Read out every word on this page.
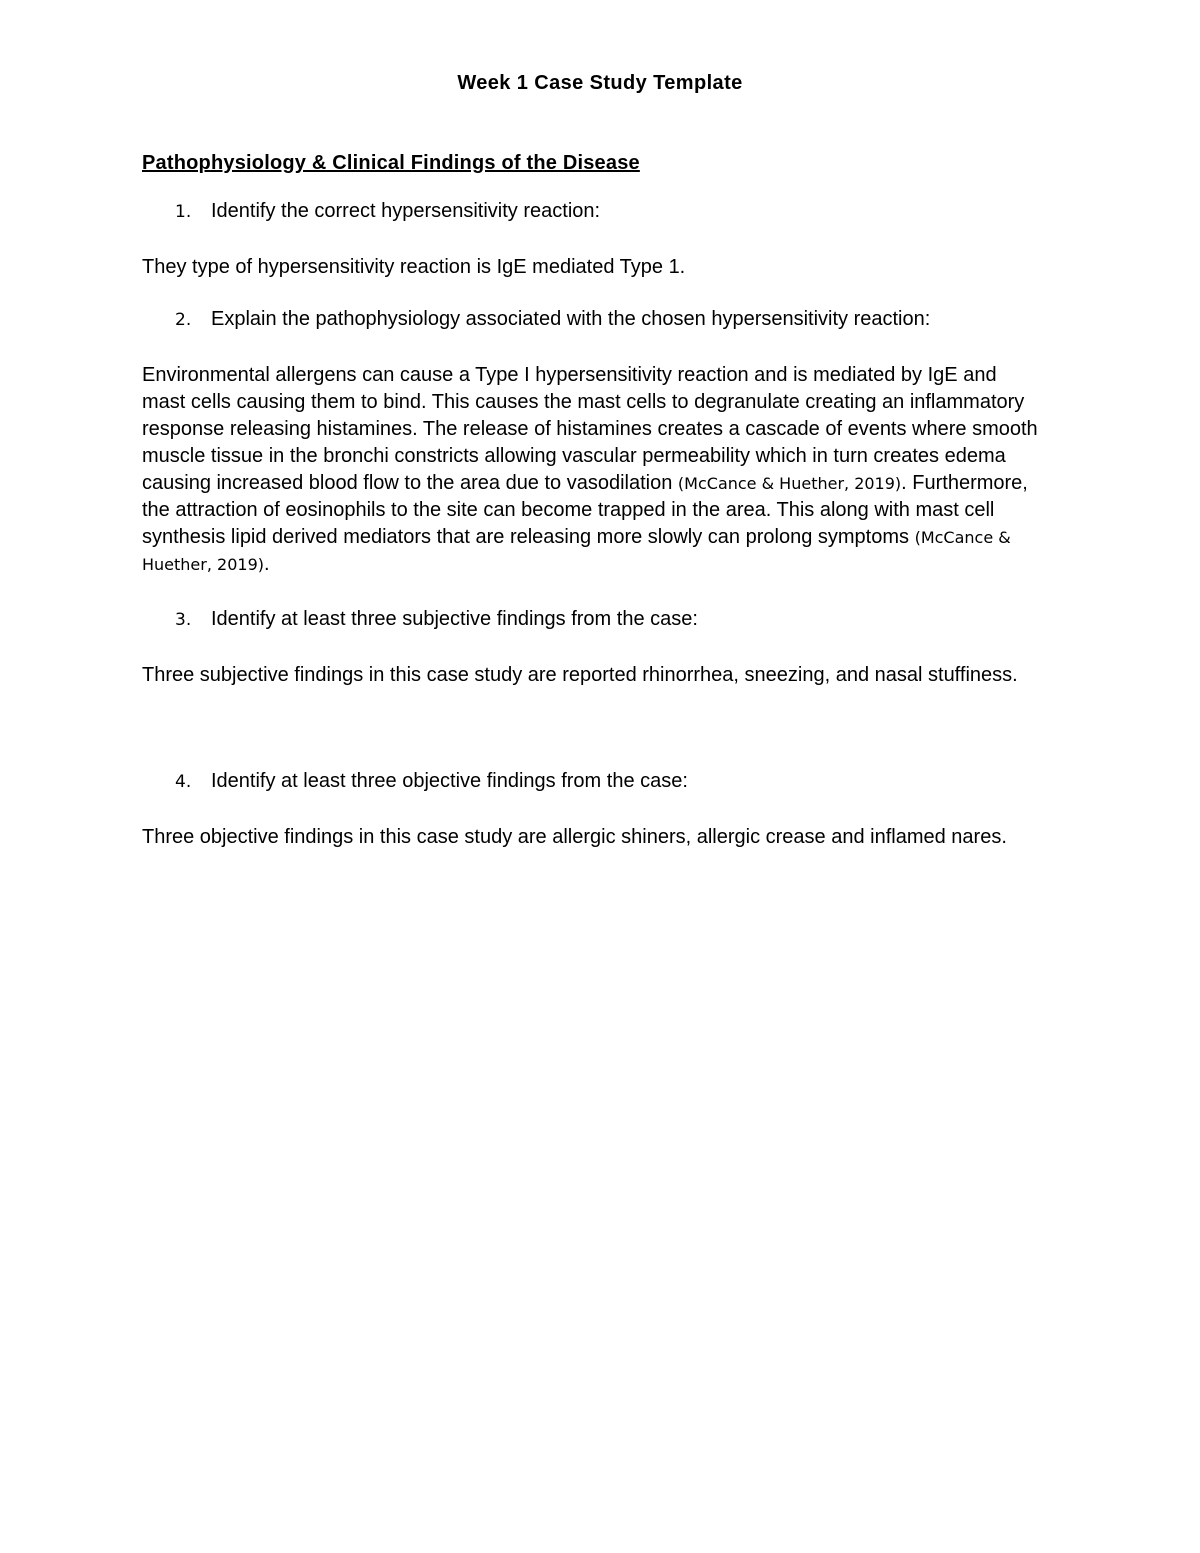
Week 1 Case Study Template
Pathophysiology & Clinical Findings of the Disease
1. Identify the correct hypersensitivity reaction:
They type of hypersensitivity reaction is IgE mediated Type 1.
2. Explain the pathophysiology associated with the chosen hypersensitivity reaction:
Environmental allergens can cause a Type I hypersensitivity reaction and is mediated by IgE and mast cells causing them to bind. This causes the mast cells to degranulate creating an inflammatory response releasing histamines. The release of histamines creates a cascade of events where smooth muscle tissue in the bronchi constricts allowing vascular permeability which in turn creates edema causing increased blood flow to the area due to vasodilation (McCance & Huether, 2019). Furthermore, the attraction of eosinophils to the site can become trapped in the area. This along with mast cell synthesis lipid derived mediators that are releasing more slowly can prolong symptoms (McCance & Huether, 2019).
3. Identify at least three subjective findings from the case:
Three subjective findings in this case study are reported rhinorrhea, sneezing, and nasal stuffiness.
4. Identify at least three objective findings from the case:
Three objective findings in this case study are allergic shiners, allergic crease and inflamed nares.
